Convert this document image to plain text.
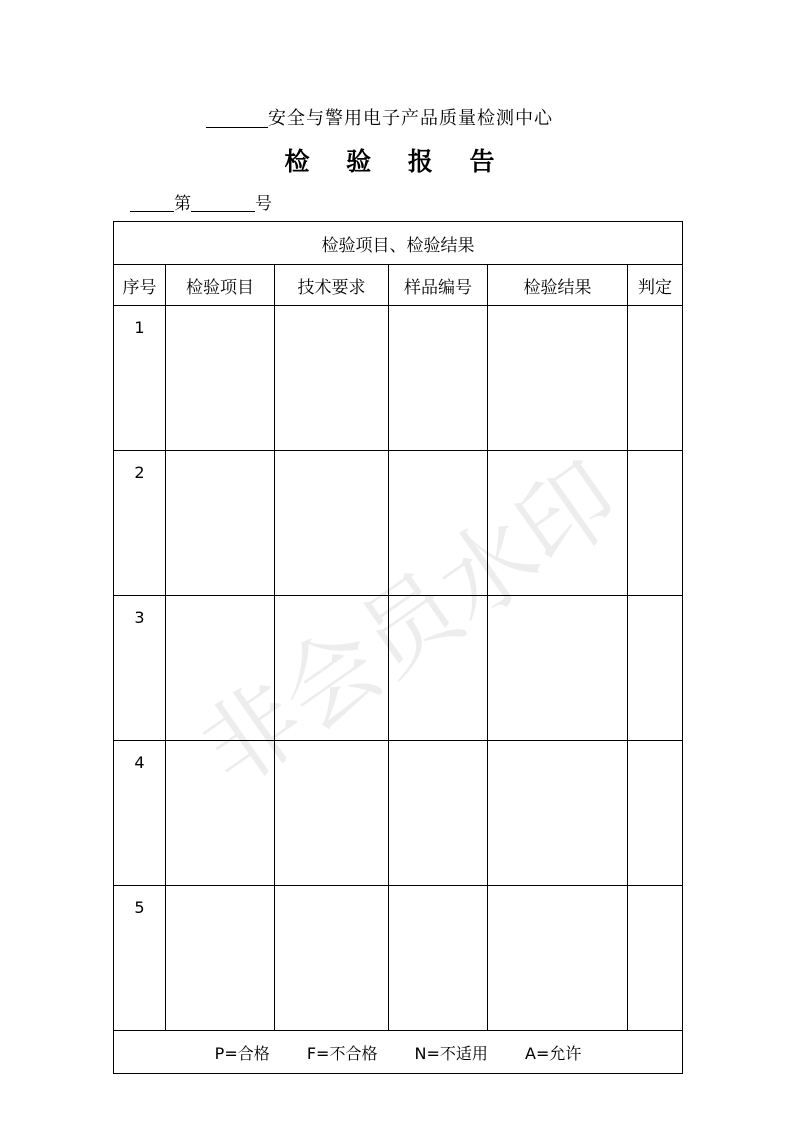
安全与警用电子产品质量检测中心
检 验 报 告
第	号
检验项目、检验结果					
序号	检验项目	技术要求	样品编号	检验结果	判定
1					
2					
3					
4					
5					
P=合格 F=不合格 N=不适用 A=允许					
非会员水印
